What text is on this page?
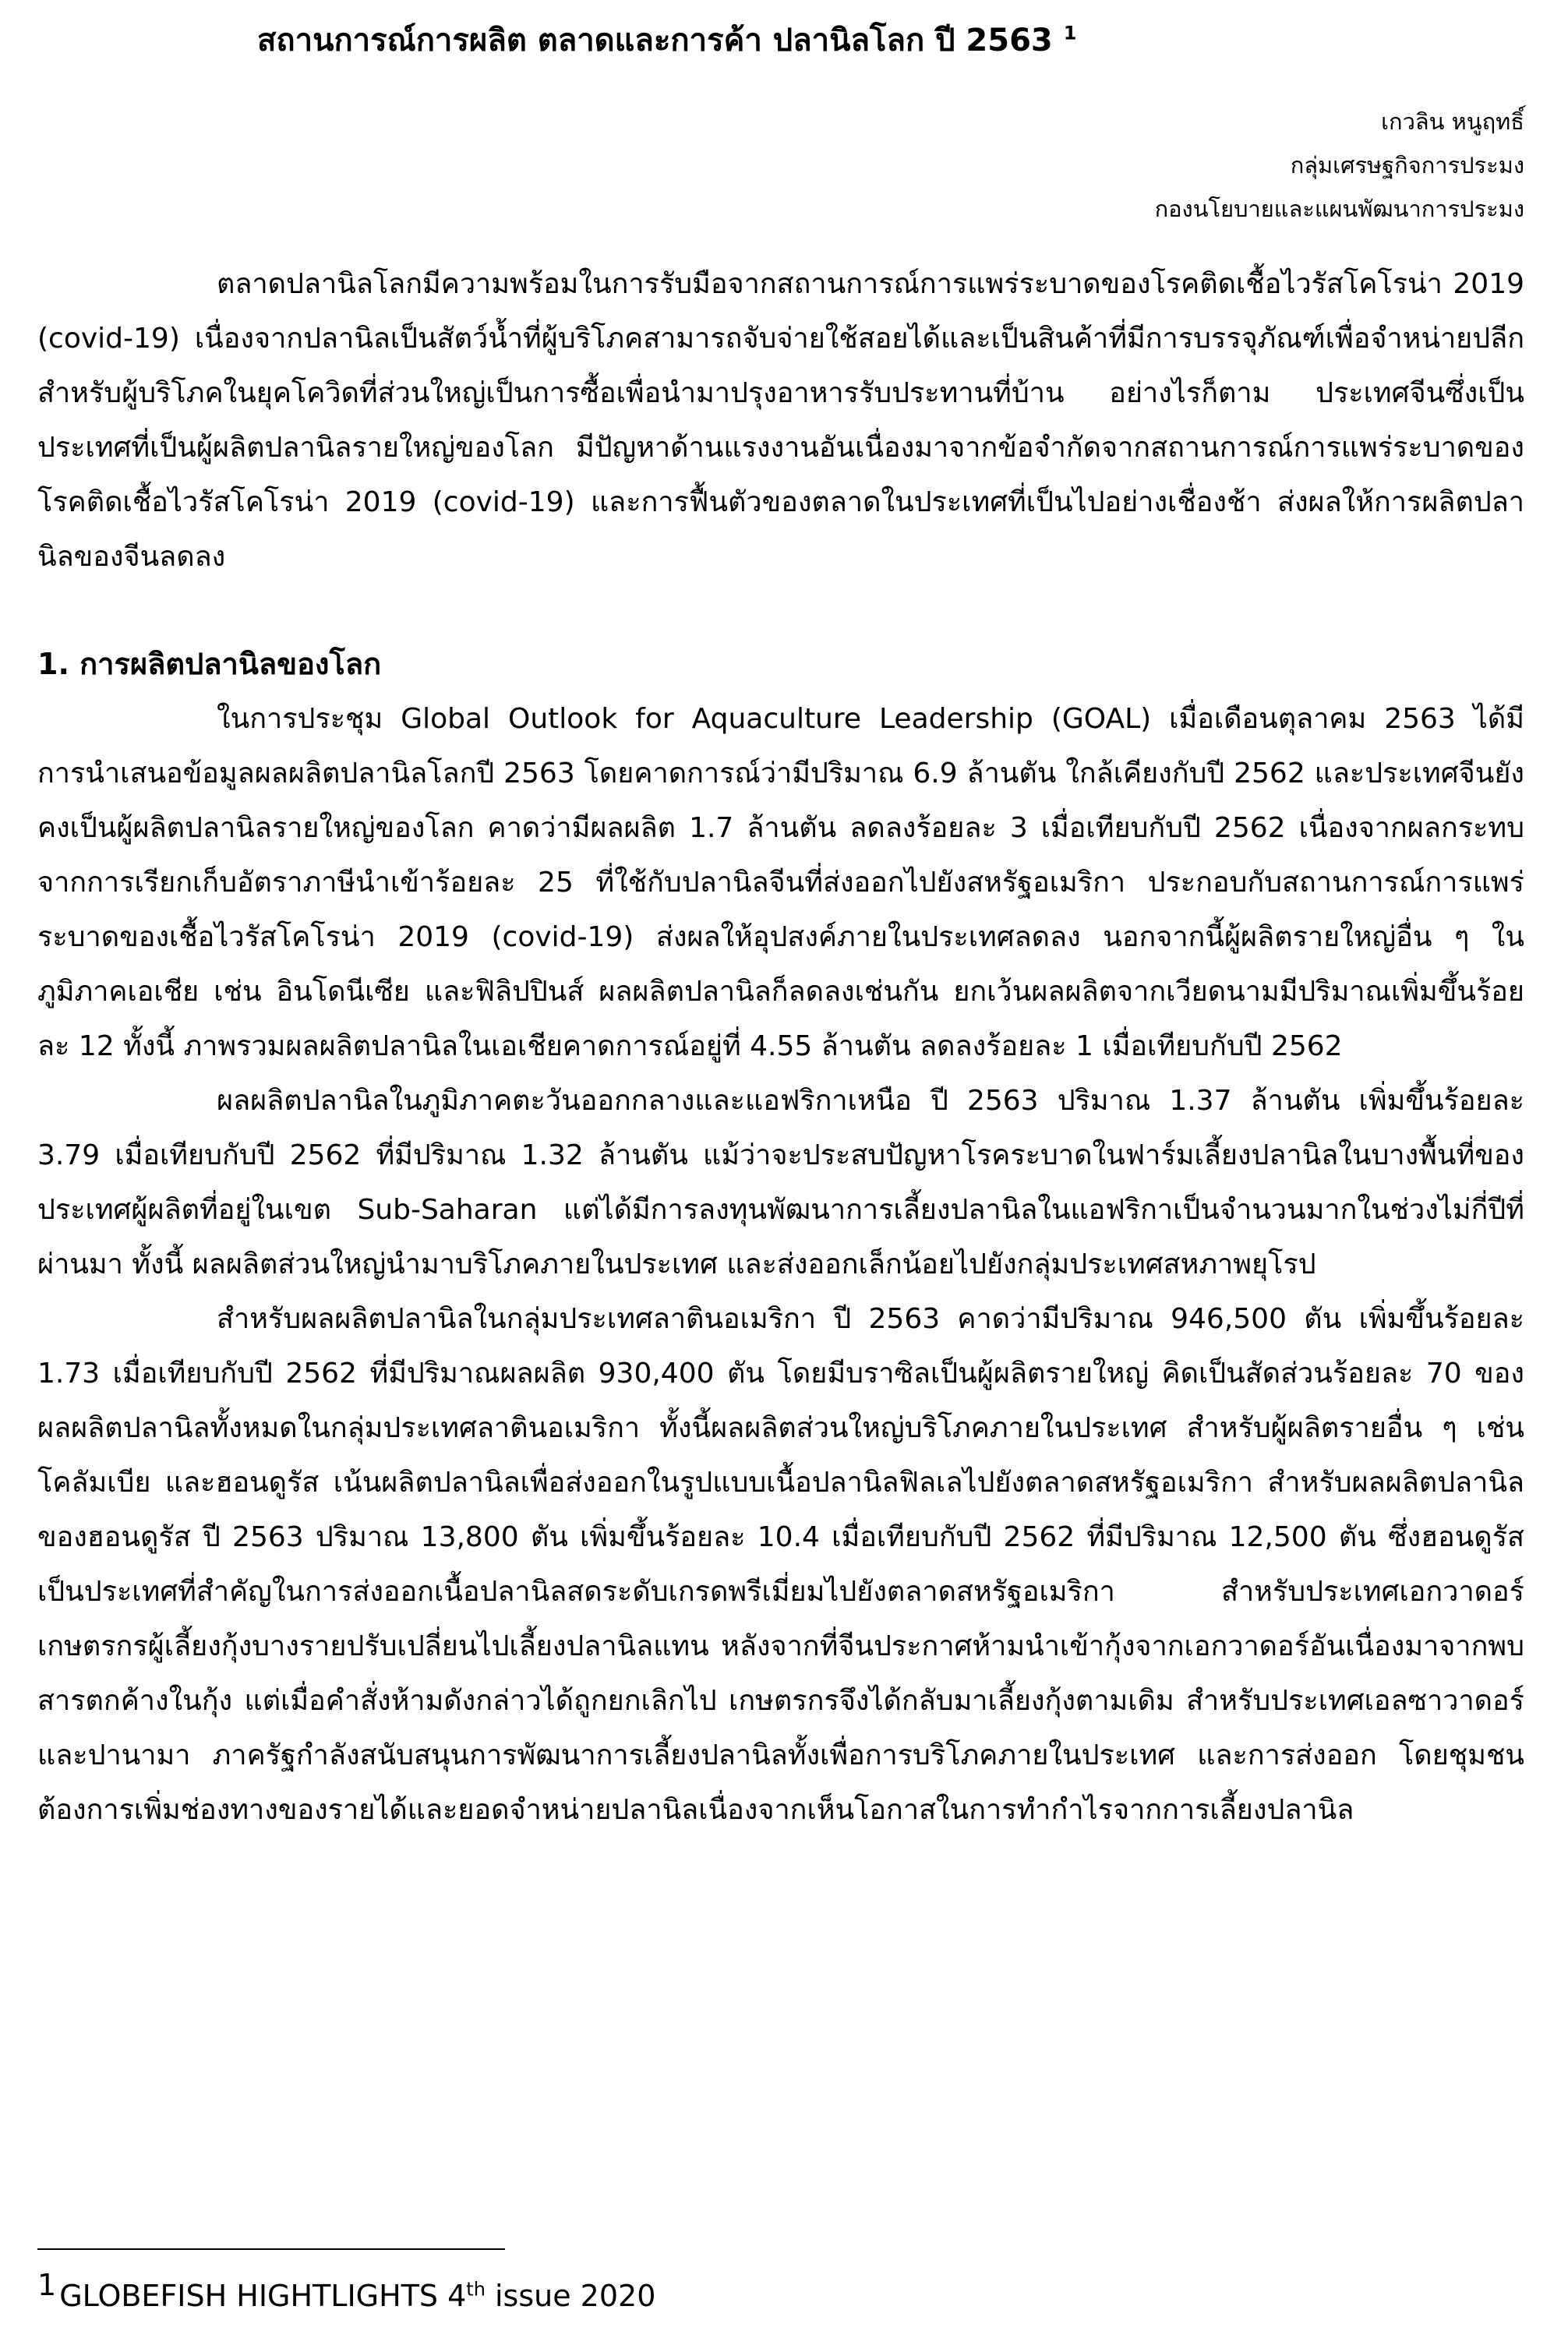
สถานการณ์การผลิต ตลาดและการค้า ปลานิลโลก ปี 2563 $^1$
เกวลิน หนูฤทธิ์
กลุ่มเศรษฐกิจการประมง
กองนโยบายและแผนพัฒนาการประมง

ตลาดปลานิลโลกมีความพร้อมในการรับมือจากสถานการณ์การแพร่ระบาดของโรคติดเชื้อไวรัสโคโรน่า 2019 (covid-19) เนื่องจากปลานิลเป็นสัตว์น้ำที่ผู้บริโภคสามารถจับจ่ายใช้สอยได้และเป็นสินค้าที่มีการบรรจุภัณฑ์เพื่อจำหน่ายปลีกสำหรับผู้บริโภคในยุคโควิดที่ส่วนใหญ่เป็นการซื้อเพื่อนำมาปรุงอาหารรับประทานที่บ้าน อย่างไรก็ตาม ประเทศจีนซึ่งเป็นประเทศที่เป็นผู้ผลิตปลานิลรายใหญ่ของโลก มีปัญหาด้านแรงงานอันเนื่องมาจากข้อจำกัดจากสถานการณ์การแพร่ระบาดของโรคติดเชื้อไวรัสโคโรน่า 2019 (covid-19) และการฟื้นตัวของตลาดในประเทศที่เป็นไปอย่างเชื่องช้า ส่งผลให้การผลิตปลานิลของจีนลดลง

1. การผลิตปลานิลของโลก

ในการประชุม Global Outlook for Aquaculture Leadership (GOAL) เมื่อเดือนตุลาคม 2563 ได้มีการนำเสนอข้อมูลผลผลิตปลานิลโลกปี 2563 โดยคาดการณ์ว่ามีปริมาณ 6.9 ล้านตัน ใกล้เคียงกับปี 2562 และประเทศจีนยังคงเป็นผู้ผลิตปลานิลรายใหญ่ของโลก คาดว่ามีผลผลิต 1.7 ล้านตัน ลดลงร้อยละ 3 เมื่อเทียบกับปี 2562 เนื่องจากผลกระทบจากการเรียกเก็บอัตราภาษีนำเข้าร้อยละ 25 ที่ใช้กับปลานิลจีนที่ส่งออกไปยังสหรัฐอเมริกา ประกอบกับสถานการณ์การแพร่ระบาดของเชื้อไวรัสโคโรน่า 2019 (covid-19) ส่งผลให้อุปสงค์ภายในประเทศลดลง นอกจากนี้ผู้ผลิตรายใหญ่อื่น ๆ ในภูมิภาคเอเชีย เช่น อินโดนีเซีย และฟิลิปปินส์ ผลผลิตปลานิลก็ลดลงเช่นกัน ยกเว้นผลผลิตจากเวียดนามมีปริมาณเพิ่มขึ้นร้อยละ 12 ทั้งนี้ ภาพรวมผลผลิตปลานิลในเอเชียคาดการณ์อยู่ที่ 4.55 ล้านตัน ลดลงร้อยละ 1 เมื่อเทียบกับปี 2562

ผลผลิตปลานิลในภูมิภาคตะวันออกกลางและแอฟริกาเหนือ ปี 2563 ปริมาณ 1.37 ล้านตัน เพิ่มขึ้นร้อยละ 3.79 เมื่อเทียบกับปี 2562 ที่มีปริมาณ 1.32 ล้านตัน แม้ว่าจะประสบปัญหาโรคระบาดในฟาร์มเลี้ยงปลานิลในบางพื้นที่ของประเทศผู้ผลิตที่อยู่ในเขต Sub-Saharan แต่ได้มีการลงทุนพัฒนาการเลี้ยงปลานิลในแอฟริกาเป็นจำนวนมากในช่วงไม่กี่ปีที่ผ่านมา ทั้งนี้ ผลผลิตส่วนใหญ่นำมาบริโภคภายในประเทศ และส่งออกเล็กน้อยไปยังกลุ่มประเทศสหภาพยุโรป

สำหรับผลผลิตปลานิลในกลุ่มประเทศลาตินอเมริกา ปี 2563 คาดว่ามีปริมาณ 946,500 ตัน เพิ่มขึ้นร้อยละ 1.73 เมื่อเทียบกับปี 2562 ที่มีปริมาณผลผลิต 930,400 ตัน โดยมีบราซิลเป็นผู้ผลิตรายใหญ่ คิดเป็นสัดส่วนร้อยละ 70 ของผลผลิตปลานิลทั้งหมดในกลุ่มประเทศลาตินอเมริกา ทั้งนี้ผลผลิตส่วนใหญ่บริโภคภายในประเทศ สำหรับผู้ผลิตรายอื่น ๆ เช่น โคลัมเบีย และฮอนดูรัส เน้นผลิตปลานิลเพื่อส่งออกในรูปแบบเนื้อปลานิลฟิลเลไปยังตลาดสหรัฐอเมริกา สำหรับผลผลิตปลานิลของฮอนดูรัส ปี 2563 ปริมาณ 13,800 ตัน เพิ่มขึ้นร้อยละ 10.4 เมื่อเทียบกับปี 2562 ที่มีปริมาณ 12,500 ตัน ซึ่งฮอนดูรัสเป็นประเทศที่สำคัญในการส่งออกเนื้อปลานิลสดระดับเกรดพรีเมี่ยมไปยังตลาดสหรัฐอเมริกา สำหรับประเทศเอกวาดอร์ เกษตรกรผู้เลี้ยงกุ้งบางรายปรับเปลี่ยนไปเลี้ยงปลานิลแทน หลังจากที่จีนประกาศห้ามนำเข้ากุ้งจากเอกวาดอร์อันเนื่องมาจากพบสารตกค้างในกุ้ง แต่เมื่อคำสั่งห้ามดังกล่าวได้ถูกยกเลิกไป เกษตรกรจึงได้กลับมาเลี้ยงกุ้งตามเดิม สำหรับประเทศเอลซาวาดอร์ และปานามา ภาครัฐกำลังสนับสนุนการพัฒนาการเลี้ยงปลานิลทั้งเพื่อการบริโภคภายในประเทศ และการส่งออก โดยชุมชนต้องการเพิ่มช่องทางของรายได้และยอดจำหน่ายปลานิลเนื่องจากเห็นโอกาสในการทำกำไรจากการเลี้ยงปลานิล

1 GLOBEFISH HIGHTLIGHTS 4th issue 2020
